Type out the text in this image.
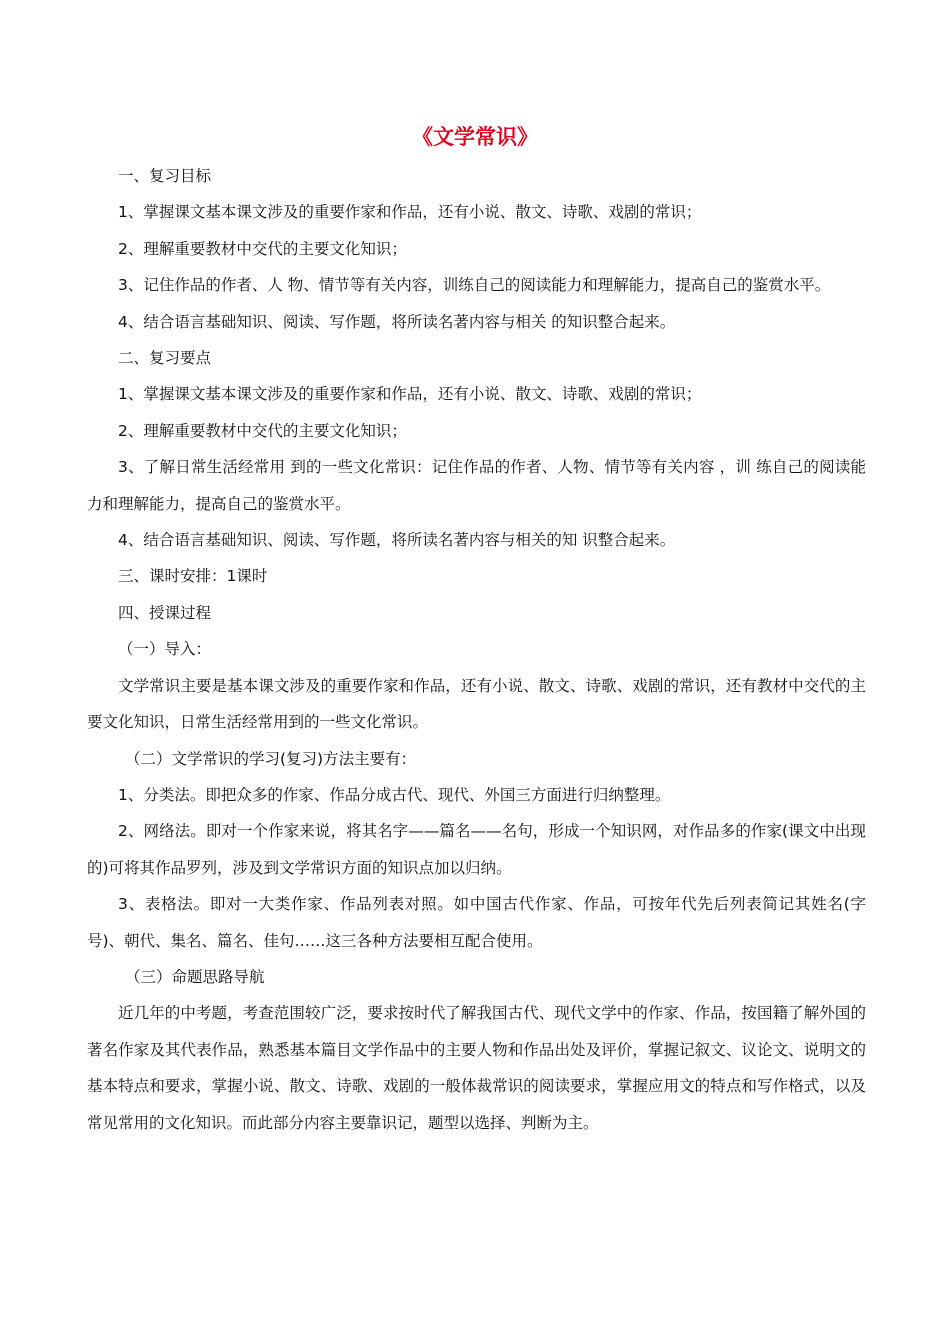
《文学常识》

一、复习目标

1、掌握课文基本课文涉及的重要作家和作品，还有小说、散文、诗歌、戏剧的常识；

2、理解重要教材中交代的主要文化知识；

3、记住作品的作者、人 物、情节等有关内容，训练自己的阅读能力和理解能力，提高自己的鉴赏水平。

4、结合语言基础知识、阅读、写作题，将所读名著内容与相关 的知识整合起来。

二、复习要点

1、掌握课文基本课文涉及的重要作家和作品，还有小说、散文、诗歌、戏剧的常识；

2、理解重要教材中交代的主要文化知识；

3、了解日常生活经常用 到的一些文化常识：记住作品的作者、人物、情节等有关内容 ，训 练自己的阅读能力和理解能力，提高自己的鉴赏水平。

4、结合语言基础知识、阅读、写作题，将所读名著内容与相关的知 识整合起来。

三、课时安排：1课时

四、授课过程

（一）导入：

文学常识主要是基本课文涉及的重要作家和作品，还有小说、散文、诗歌、戏剧的常识，还有教材中交代的主要文化知识，日常生活经常用到的一些文化常识。

（二）文学常识的学习(复习)方法主要有：

1、分类法。即把众多的作家、作品分成古代、现代、外国三方面进行归纳整理。

2、网络法。即对一个作家来说，将其名字——篇名——名句，形成一个知识网，对作品多的作家(课文中出现的)可将其作品罗列，涉及到文学常识方面的知识点加以归纳。

3、表格法。即对一大类作家、作品列表对照。如中国古代作家、作品，可按年代先后列表简记其姓名(字号)、朝代、集名、篇名、佳句……这三各种方法要相互配合使用。

（三）命题思路导航

近几年的中考题，考查范围较广泛，要求按时代了解我国古代、现代文学中的作家、作品，按国籍了解外国的著名作家及其代表作品，熟悉基本篇目文学作品中的主要人物和作品出处及评价，掌握记叙文、议论文、说明文的基本特点和要求，掌握小说、散文、诗歌、戏剧的一般体裁常识的阅读要求，掌握应用文的特点和写作格式，以及常见常用的文化知识。而此部分内容主要靠识记，题型以选择、判断为主。
